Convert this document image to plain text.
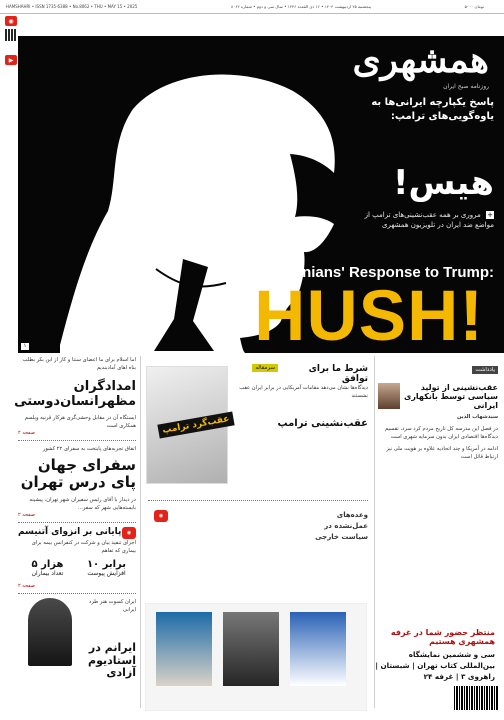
HAMSHAHRI • ISSN 1735-6388 • No.8062 • THU • MAY 15 • 2025	پنجشنبه ۲۵ اردیبهشت ۱۴۰۴ • ۱۶ ذی القعده ۱۴۴۶ • سال سی و دوم • شماره ۸۰۶۲	تومان ۵۰۰۰
◉
▶	همشهری
روزنامه صبح ایران
پاسخ یکپارچه ایرانی‌ها به یاوه‌گویی‌های ترامپ:
هیس!
+ مروری بر همه عقب‌نشینی‌های ترامپ از مواضع ضد ایران در تلویزیون همشهری
Iranians' Response to Trump:
HUSH!
۱
اما اسلام برای ما اعضای سنتا و کار از این بکر بطلب بناه اهای آمادبندیم
امدادگران مظهرانسان‌دوستی
ایستگاه آن در مقابل وحشی‌گری هرکار قرنیه ویلسم همکاری است
صفحه ۲
اتفاق تجربه‌های پایتخت به سفرای ۲۲ کشور
سفرای جهان پای درس تهران
در دیدار با آقای رئیس سفیران شهر تهران، پیشینه بایسته‌هایی شهر که سفر...
صفحه ۲
◉
پایانی بر انزوای آتنیسم
اجرای تنفیذ بیان و شرکت در کنفرانس بیمه برای بیماری که تفاهم
۵ هزار
تعداد بیماران
۱۰ برابر
افزایش پیوست
صفحه ۲
ایران کسوت هنر طرد ایرانی
ایرانم در استادیوم آزادی
عقب‌گرد ترامپ
سرمقاله	شرط ما برای توافق
دیدگاه‌ها نشان می‌دهد مقامات آمریکایی در برابر ایران عقب نشستند
عقب‌نشینی ترامپ
وعده‌های عمل‌نشده در سیاست خارجی
◉
یادداشت
عقب‌نشینی از تولید سیاسی توسط بانکهاری ایرانی
سیدشهاب الدین
در فصل این مدرسه کل تاریخ مردم کرد سرد، تقسیم دیدگاه‌ها اقتصادی ایران بدون سرمایه شهری است
ادامه در آمریکا و چند اتحادیه علاوه بر هویت ملی نیز ارتباط قائل است
منتظر حضور شما در غرفه همشهری هستیم
سی و ششمین نمایشگاه بین‌المللی کتاب تهران | شبستان | راهروی ۳ | غرفه ۲۴
